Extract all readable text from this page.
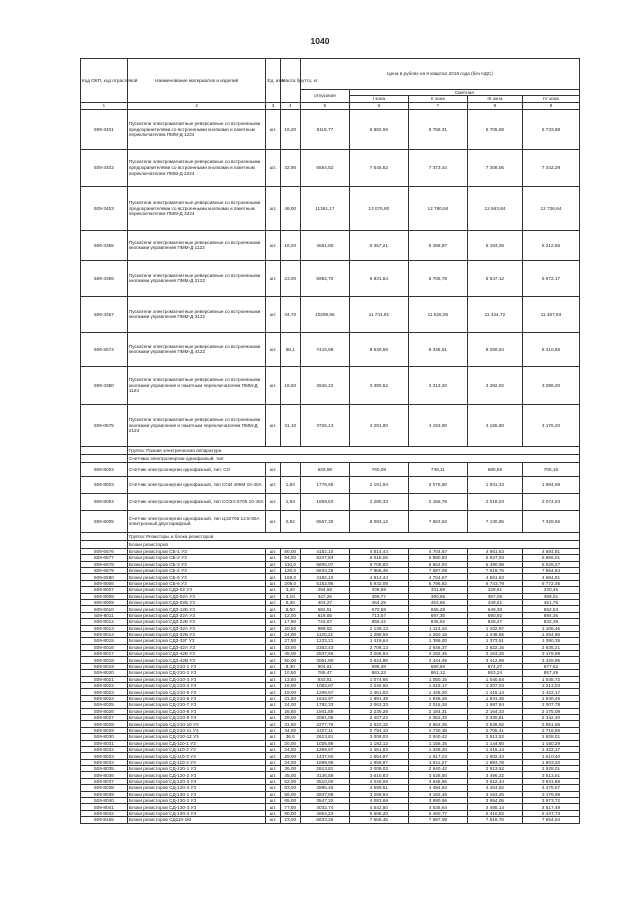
1040
Код ОКП, код отраслевой	Наименование материалов и изделий	Ед. изм.	Масса брутто, кг	Цена в рублях на II квартал 2016 года (без НДС)				
				отпускная	Сметная			
					I зона	II зона	III зона	IV зона
1	2	3	4	5	6	7	8	9
509-3401	Пускатели электромагнитные реверсивные со встроенными предохранителями со встроенными кнопками и пакетным переключателем ПММ-Д 1224	шт.	19,20	5118,77	5 882,69	5 758,31	5 705,69	6 733,98
509-3402	Пускатели электромагнитные реверсивные со встроенными предохранителями со встроенными кнопками и пакетным переключателем ПММ-Д 2224	шт.	32,90	6554,52	7 545,52	7 373,44	7 308,06	7 342,29
509-3403	Пускатели электромагнитные реверсивные со встроенными предохранителями со встроенными кнопками и пакетным переключателем ПММ-Д 3224	шт.	48,00	11361,17	13 076,90	12 780,84	12 663,84	12 726,64
509-3365	Пускатели электромагнитные реверсивные со встроенными кнопками управления ПММ-Д 1122	шт.	18,20	4681,80	5 357,21	5 258,87	5 193,05	5 212,65
509-3366	Пускатели электромагнитные реверсивные со встроенными кнопками управления ПММ-Д 2122	шт.	23,00	5992,70	6 831,64	6 705,78	6 647,12	6 672,17
509-3367	Пускатели электромагнитные реверсивные со встроенными кнопками управления ПММ-Д 3122	шт.	34,70	10299,96	11 741,91	11 525,05	11 424,72	11 467,83
509-2674	Пускатели электромагнитные реверсивные со встроенными кнопками управления ПММ-Д 4122	шт.	58,1	7416,98	8 540,69	8 345,61	8 269,64	8 310,85
509-3380	Пускатели электромагнитные реверсивные со встроенными кнопками управления и пакетным переключателем ПММ-Д 1123	шт.	18,50	2846,22	3 390,52	3 313,20	3 282,92	3 299,20
509-0575	Пускатели электромагнитные реверсивные со встроенными кнопками управления и пакетным переключателем ПММ-Д 2123	шт.	31,10	3726,13	4 291,80	4 193,90	4 155,80	4 176,20
	Группа: Разная электрическая аппаратура							
	Счетчики электроэнергии однофазный, тип:							
509-8002	Счетчик электроэнергии однофазный, тип: СО	шт.		629,88	760,08	739,11	685,55	706,15
509-8003	Счетчик электроэнергии однофазный, тип СОИ 495М 10-40А	шт.	1,84	1778,68	2 191,94	2 075,50	1 931,33	1 984,69
509-8004	Счетчик электроэнергии однофазный, тип СОЭЭ 6705 10-40А	шт.	1,84	1859,53	2 280,33	2 166,78	2 018,03	2 074,03
509-8005	Счетчик электроэнергии однофазный, тип ЦЭ2706 12.5-50А электронный двухтарифный	шт.	0,82	6567,30	8 093,12	7 663,62	7 130,95	7 328,65
	Группа: Резисторы и блоки резисторов							
	Блоки резисторов							
509-6576	Блоки резисторов СБ-1 У3	шт.	80,00	4182,10	4 814,44	4 704,67	4 661,63	4 684,81
509-6577	Блоки резисторов СБ-2 У3	шт.	94,00	5227,83	6 018,06	5 880,83	5 827,03	5 856,01
509-6578	Блоки резисторов СБ-3 У3	шт.	110,0	5805,07	6 708,83	6 552,93	6 490,98	6 525,27
509-6579	Блоки резисторов СБ-4 У3	шт.	120,0	6833,26	7 866,46	7 687,09	7 618,76	7 654,64
509-6580	Блоки резисторов СБ-5 У3	шт.	169,0	4182,10	4 814,44	4 704,67	4 661,63	4 684,81
509-8006	Блоки резисторов СБ-6 У3	шт.	208,0	5152,95	5 932,08	5 796,82	5 743,79	5 772,35
509-8007	Блоки резисторов СД3-02 У3	шт.	3,20	294,59	339,59	331,89	328,81	330,45
509-8008	Блоки резисторов СД3-02А У3	шт.	4,10	347,26	399,77	390,65	387,08	389,01
509-8009	Блоки резисторов СД3-02Б У3	шт.	5,30	403,27	464,25	453,66	449,51	451,75
509-8010	Блоки резисторов СД3-12Б У3	шт.	8,50	582,51	670,58	655,29	649,30	652,53
509-8011	Блоки резисторов СД3-22А У3	шт.	12,00	619,85	713,57	697,30	690,92	694,36
509-8012	Блоки резисторов СД3-22Б У3	шт.	17,90	743,67	855,42	836,92	828,27	832,39
509-8013	Блоки резисторов СД3-32А У3	шт.	20,50	989,52	1 139,13	1 113,16	1 102,97	1 108,46
509-8014	Блоки резисторов СД3-32Б У3	шт.	24,00	1120,21	1 289,58	1 260,18	1 248,65	1 254,86
509-8015	Блоки резисторов СД3-32Г У3	шт.	27,50	1233,21	1 419,64	1 386,20	1 373,51	1 380,35
509-8016	Блоки резисторов СД3-42А У3	шт.	43,00	2352,43	2 708,13	2 646,37	2 622,16	2 635,21
509-8017	Блоки резисторов СД3-42Б У3	шт.	45,00	2837,56	3 266,94	3 192,45	3 163,25	3 178,98
509-8018	Блоки резисторов СД3-42В У3	шт.	50,00	3061,90	3 524,86	3 444,49	3 412,98	3 429,95
509-8019	Блоки резисторов СД-210-1 У3	шт.	8,30	604,91	696,38	680,50	674,27	677,62
509-8020	Блоки резисторов СД-210-2 У3	шт.	10,50	765,47	881,22	861,12	853,24	857,49
509-8021	Блоки резисторов СД-210-3 У3	шт.	13,50	933,51	1 074,66	1 050,15	1 040,54	1 045,72
509-8022	Блоки резисторов СД-210-4 У3	шт.	16,00	1082,87	1 246,60	1 218,17	1 207,03	1 213,03
509-8023	Блоки резисторов СД-210-5 У3	шт.	19,00	1269,57	1 461,53	1 428,20	1 415,14	1 422,17
509-8024	Блоки резисторов СД-210-6 У3	шт.	21,50	1642,97	1 891,39	1 848,26	1 831,35	1 840,46
509-8025	Блоки резисторов СД-210-7 У3	шт.	24,00	1792,33	2 063,33	2 016,28	1 997,84	2 007,78
509-8026	Блоки резисторов СД-210-8 У3	шт.	26,50	1941,69	2 235,28	2 184,31	2 164,33	2 175,09
509-8027	Блоки резисторов СД-210-9 У3	шт.	29,00	2091,05	2 407,22	2 352,33	2 330,81	2 342,40
509-8028	Блоки резисторов СД-210-10 У3	шт.	31,50	2277,75	2 622,15	2 562,35	2 538,92	2 551,55
509-8029	Блоки резисторов СД-210-11 У3	шт.	34,00	2427,11	2 794,10	2 730,38	2 705,41	2 718,86
509-8030	Блоки резисторов СД-210-12 У3	шт.	36,5	2613,81	3 009,03	2 940,42	2 913,52	2 928,01
509-8031	Блоки резисторов СД-110-1 У3	шт.	20,00	1026,86	1 182,12	1 155,16	1 144,60	1 150,29
509-8032	Блоки резисторов СД-110-2 У3	шт.	24,00	1269,57	1 461,53	1 428,20	1 415,14	1 422,17
509-8033	Блоки резисторов СД-110-3 У3	шт.	29,00	1437,60	1 654,97	1 617,23	1 602,43	1 610,40
509-8034	Блоки резисторов СД-110-4 У3	шт.	34,00	1698,98	1 955,87	1 911,27	1 893,78	1 903,20
509-8035	Блоки резисторов СД-120-1 У3	шт.	36,00	2613,81	3 009,03	2 940,42	2 913,52	2 928,01
509-8036	Блоки резисторов СД-120-2 У3	шт.	45,00	3136,58	3 610,83	3 528,50	3 496,22	3 513,61
509-8037	Блоки резисторов СД-120-3 У3	шт.	52,00	3510,00	4 040,69	3 948,56	3 912,44	3 931,89
509-8038	Блоки резисторов СД-120-4 У3	шт.	63,00	3995,40	4 599,51	4 494,63	4 453,52	4 475,67
509-8039	Блоки резисторов СД-130-1 У3	шт.	55,00	2837,88	3 266,94	3 192,45	3 163,25	3 178,98
509-8040	Блоки резисторов СД-130-2 У3	шт.	65,00	3547,32	4 083,69	3 990,56	3 954,06	3 973,72
509-8041	Блоки резисторов СД-130-3 У3	шт.	77,00	4032,74	4 642,50	4 536,64	4 495,14	4 517,49
509-8042	Блоки резисторов СД-130-4 У3	шт.	90,00	4854,23	5 588,20	5 460,77	5 410,82	5 437,73
509-8165	Блоки резисторов СД110-1М	шт.	23,00	6833,26	7 566,46	7 687,09	7 616,76	7 654,64
